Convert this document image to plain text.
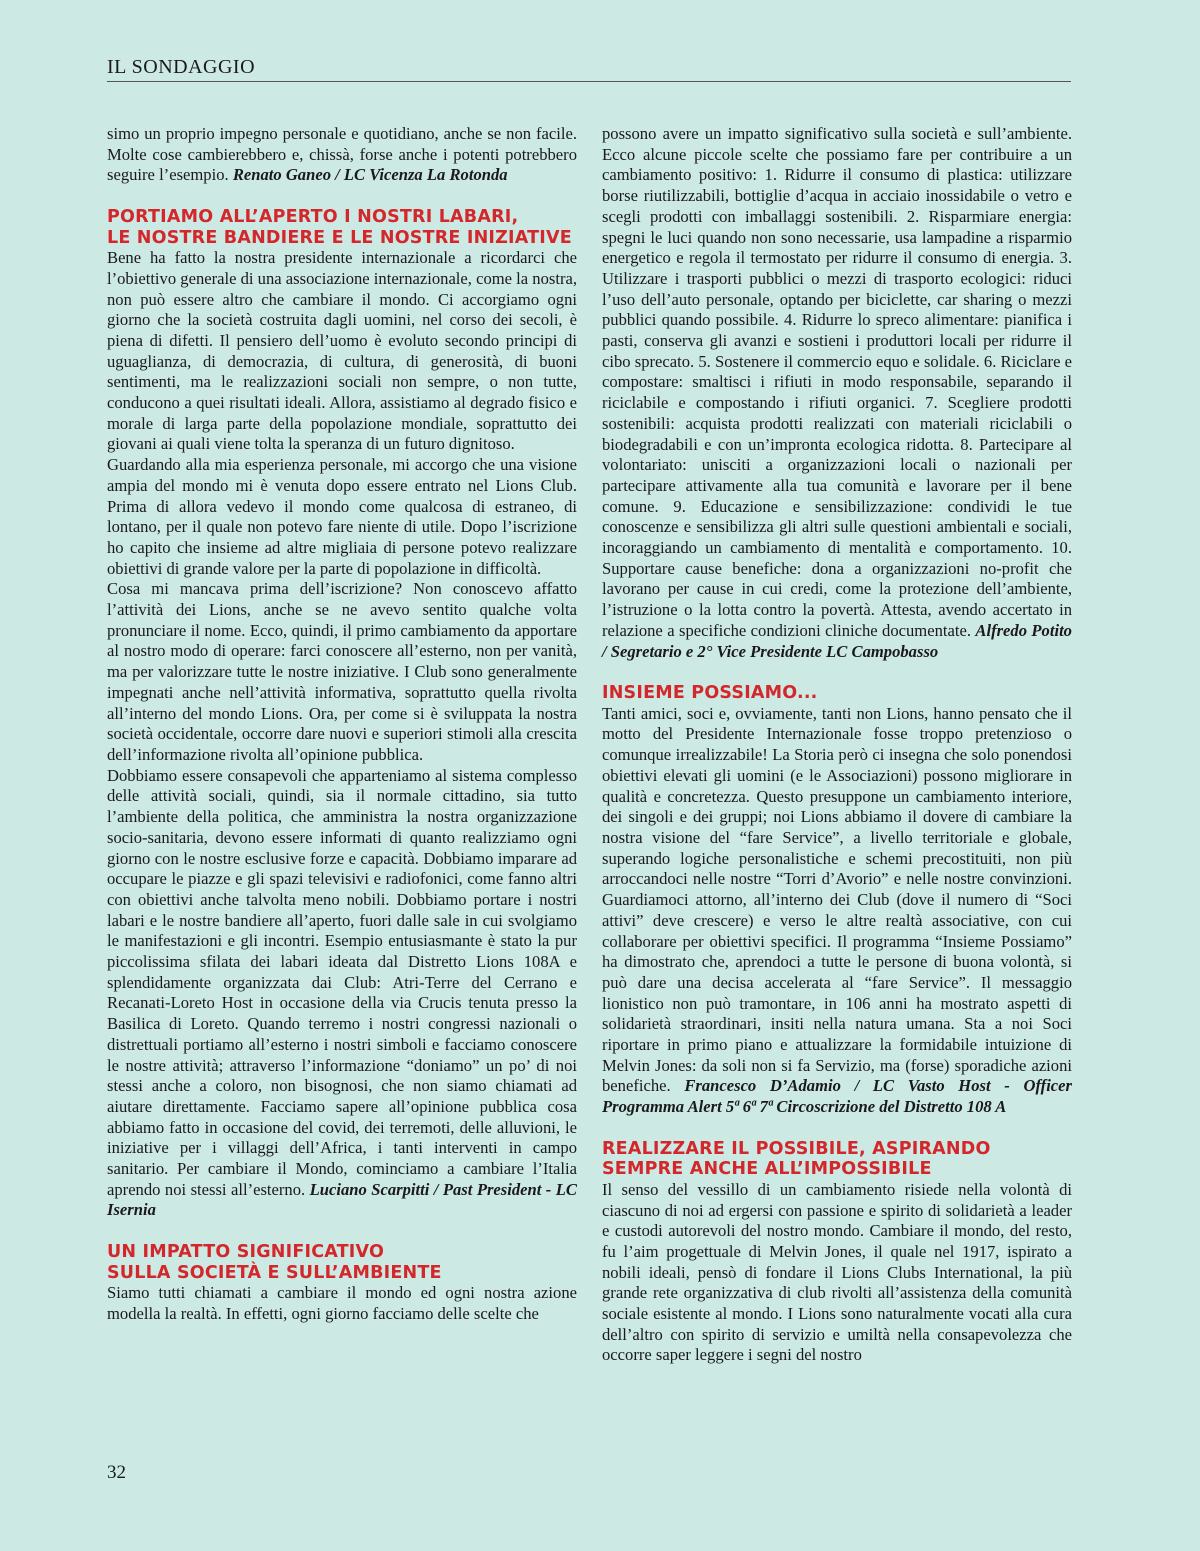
IL SONDAGGIO

simo un proprio impegno personale e quotidiano, anche se non facile. Molte cose cambierebbero e, chissà, forse anche i potenti potrebbero seguire l’esempio. Renato Ganeo / LC Vicenza La Rotonda

PORTIAMO ALL’APERTO I NOSTRI LABARI,
LE NOSTRE BANDIERE E LE NOSTRE INIZIATIVE

Bene ha fatto la nostra presidente internazionale a ricordarci che l’obiettivo generale di una associazione internazionale, come la nostra, non può essere altro che cambiare il mondo. Ci accorgiamo ogni giorno che la società costruita dagli uomini, nel corso dei secoli, è piena di difetti. Il pensiero dell’uomo è evoluto secondo principi di uguaglianza, di democrazia, di cultura, di generosità, di buoni sentimenti, ma le realizzazioni sociali non sempre, o non tutte, conducono a quei risultati ideali. Allora, assistiamo al degrado fisico e morale di larga parte della popolazione mondiale, soprattutto dei giovani ai quali viene tolta la speranza di un futuro dignitoso.

Guardando alla mia esperienza personale, mi accorgo che una visione ampia del mondo mi è venuta dopo essere entrato nel Lions Club. Prima di allora vedevo il mondo come qualcosa di estraneo, di lontano, per il quale non potevo fare niente di utile. Dopo l’iscrizione ho capito che insieme ad altre migliaia di persone potevo realizzare obiettivi di grande valore per la parte di popolazione in difficoltà.

Cosa mi mancava prima dell’iscrizione? Non conoscevo affatto l’attività dei Lions, anche se ne avevo sentito qualche volta pronunciare il nome. Ecco, quindi, il primo cambiamento da apportare al nostro modo di operare: farci conoscere all’esterno, non per vanità, ma per valorizzare tutte le nostre iniziative. I Club sono generalmente impegnati anche nell’attività informativa, soprattutto quella rivolta all’interno del mondo Lions. Ora, per come si è sviluppata la nostra società occidentale, occorre dare nuovi e superiori stimoli alla crescita dell’informazione rivolta all’opinione pubblica.

Dobbiamo essere consapevoli che apparteniamo al sistema complesso delle attività sociali, quindi, sia il normale cittadino, sia tutto l’ambiente della politica, che amministra la nostra organizzazione socio-sanitaria, devono essere informati di quanto realizziamo ogni giorno con le nostre esclusive forze e capacità. Dobbiamo imparare ad occupare le piazze e gli spazi televisivi e radiofonici, come fanno altri con obiettivi anche talvolta meno nobili. Dobbiamo portare i nostri labari e le nostre bandiere all’aperto, fuori dalle sale in cui svolgiamo le manifestazioni e gli incontri. Esempio entusiasmante è stato la pur piccolissima sfilata dei labari ideata dal Distretto Lions 108A e splendidamente organizzata dai Club: Atri-Terre del Cerrano e Recanati-Loreto Host in occasione della via Crucis tenuta presso la Basilica di Loreto. Quando terremo i nostri congressi nazionali o distrettuali portiamo all’esterno i nostri simboli e facciamo conoscere le nostre attività; attraverso l’informazione “doniamo” un po’ di noi stessi anche a coloro, non bisognosi, che non siamo chiamati ad aiutare direttamente. Facciamo sapere all’opinione pubblica cosa abbiamo fatto in occasione del covid, dei terremoti, delle alluvioni, le iniziative per i villaggi dell’Africa, i tanti interventi in campo sanitario. Per cambiare il Mondo, cominciamo a cambiare l’Italia aprendo noi stessi all’esterno. Luciano Scarpitti / Past President - LC Isernia

UN IMPATTO SIGNIFICATIVO
SULLA SOCIETÀ E SULL’AMBIENTE

Siamo tutti chiamati a cambiare il mondo ed ogni nostra azione modella la realtà. In effetti, ogni giorno facciamo delle scelte che

possono avere un impatto significativo sulla società e sull’ambiente. Ecco alcune piccole scelte che possiamo fare per contribuire a un cambiamento positivo: 1. Ridurre il consumo di plastica: utilizzare borse riutilizzabili, bottiglie d’acqua in acciaio inossidabile o vetro e scegli prodotti con imballaggi sostenibili. 2. Risparmiare energia: spegni le luci quando non sono necessarie, usa lampadine a risparmio energetico e regola il termostato per ridurre il consumo di energia. 3. Utilizzare i trasporti pubblici o mezzi di trasporto ecologici: riduci l’uso dell’auto personale, optando per biciclette, car sharing o mezzi pubblici quando possibile. 4. Ridurre lo spreco alimentare: pianifica i pasti, conserva gli avanzi e sostieni i produttori locali per ridurre il cibo sprecato. 5. Sostenere il commercio equo e solidale. 6. Riciclare e compostare: smaltisci i rifiuti in modo responsabile, separando il riciclabile e compostando i rifiuti organici. 7. Scegliere prodotti sostenibili: acquista prodotti realizzati con materiali riciclabili o biodegradabili e con un’impronta ecologica ridotta. 8. Partecipare al volontariato: unisciti a organizzazioni locali o nazionali per partecipare attivamente alla tua comunità e lavorare per il bene comune. 9. Educazione e sensibilizzazione: condividi le tue conoscenze e sensibilizza gli altri sulle questioni ambientali e sociali, incoraggiando un cambiamento di mentalità e comportamento. 10. Supportare cause benefiche: dona a organizzazioni no-profit che lavorano per cause in cui credi, come la protezione dell’ambiente, l’istruzione o la lotta contro la povertà. Attesta, avendo accertato in relazione a specifiche condizioni cliniche documentate. Alfredo Potito / Segretario e 2° Vice Presidente LC Campobasso

INSIEME POSSIAMO...

Tanti amici, soci e, ovviamente, tanti non Lions, hanno pensato che il motto del Presidente Internazionale fosse troppo pretenzioso o comunque irrealizzabile! La Storia però ci insegna che solo ponendosi obiettivi elevati gli uomini (e le Associazioni) possono migliorare in qualità e concretezza. Questo presuppone un cambiamento interiore, dei singoli e dei gruppi; noi Lions abbiamo il dovere di cambiare la nostra visione del “fare Service”, a livello territoriale e globale, superando logiche personalistiche e schemi precostituiti, non più arroccandoci nelle nostre “Torri d’Avorio” e nelle nostre convinzioni. Guardiamoci attorno, all’interno dei Club (dove il numero di “Soci attivi” deve crescere) e verso le altre realtà associative, con cui collaborare per obiettivi specifici. Il programma “Insieme Possiamo” ha dimostrato che, aprendoci a tutte le persone di buona volontà, si può dare una decisa accelerata al “fare Service”. Il messaggio lionistico non può tramontare, in 106 anni ha mostrato aspetti di solidarietà straordinari, insiti nella natura umana. Sta a noi Soci riportare in primo piano e attualizzare la formidabile intuizione di Melvin Jones: da soli non si fa Servizio, ma (forse) sporadiche azioni benefiche. Francesco D’Adamio / LC Vasto Host - Officer Programma Alert 5ª 6ª 7ª Circoscrizione del Distretto 108 A

REALIZZARE IL POSSIBILE, ASPIRANDO
SEMPRE ANCHE ALL’IMPOSSIBILE

Il senso del vessillo di un cambiamento risiede nella volontà di ciascuno di noi ad ergersi con passione e spirito di solidarietà a leader e custodi autorevoli del nostro mondo. Cambiare il mondo, del resto, fu l’aim progettuale di Melvin Jones, il quale nel 1917, ispirato a nobili ideali, pensò di fondare il Lions Clubs International, la più grande rete organizzativa di club rivolti all’assistenza della comunità sociale esistente al mondo. I Lions sono naturalmente vocati alla cura dell’altro con spirito di servizio e umiltà nella consapevolezza che occorre saper leggere i segni del nostro

32
